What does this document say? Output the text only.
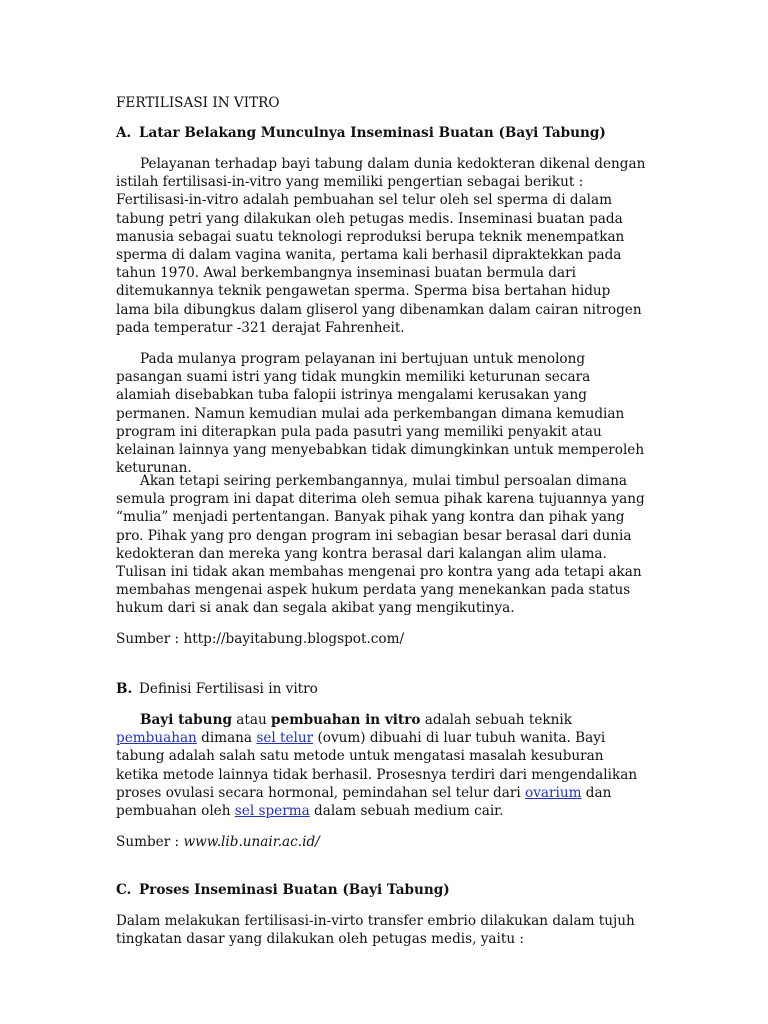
FERTILISASI IN VITRO

A. Latar Belakang Munculnya Inseminasi Buatan (Bayi Tabung)

Pelayanan terhadap bayi tabung dalam dunia kedokteran dikenal dengan istilah fertilisasi-in-vitro yang memiliki pengertian sebagai berikut : Fertilisasi-in-vitro adalah pembuahan sel telur oleh sel sperma di dalam tabung petri yang dilakukan oleh petugas medis. Inseminasi buatan pada manusia sebagai suatu teknologi reproduksi berupa teknik menempatkan sperma di dalam vagina wanita, pertama kali berhasil dipraktekkan pada tahun 1970. Awal berkembangnya inseminasi buatan bermula dari ditemukannya teknik pengawetan sperma. Sperma bisa bertahan hidup lama bila dibungkus dalam gliserol yang dibenamkan dalam cairan nitrogen pada temperatur -321 derajat Fahrenheit.

Pada mulanya program pelayanan ini bertujuan untuk menolong pasangan suami istri yang tidak mungkin memiliki keturunan secara alamiah disebabkan tuba falopii istrinya mengalami kerusakan yang permanen. Namun kemudian mulai ada perkembangan dimana kemudian program ini diterapkan pula pada pasutri yang memiliki penyakit atau kelainan lainnya yang menyebabkan tidak dimungkinkan untuk memperoleh keturunan.

Akan tetapi seiring perkembangannya, mulai timbul persoalan dimana semula program ini dapat diterima oleh semua pihak karena tujuannya yang “mulia” menjadi pertentangan. Banyak pihak yang kontra dan pihak yang pro. Pihak yang pro dengan program ini sebagian besar berasal dari dunia kedokteran dan mereka yang kontra berasal dari kalangan alim ulama. Tulisan ini tidak akan membahas mengenai pro kontra yang ada tetapi akan membahas mengenai aspek hukum perdata yang menekankan pada status hukum dari si anak dan segala akibat yang mengikutinya.

Sumber : http://bayitabung.blogspot.com/

B. Definisi Fertilisasi in vitro

Bayi tabung atau pembuahan in vitro adalah sebuah teknik pembuahan dimana sel telur (ovum) dibuahi di luar tubuh wanita. Bayi tabung adalah salah satu metode untuk mengatasi masalah kesuburan ketika metode lainnya tidak berhasil. Prosesnya terdiri dari mengendalikan proses ovulasi secara hormonal, pemindahan sel telur dari ovarium dan pembuahan oleh sel sperma dalam sebuah medium cair.

Sumber : www.lib.unair.ac.id/

C. Proses Inseminasi Buatan (Bayi Tabung)

Dalam melakukan fertilisasi-in-virto transfer embrio dilakukan dalam tujuh tingkatan dasar yang dilakukan oleh petugas medis, yaitu :
